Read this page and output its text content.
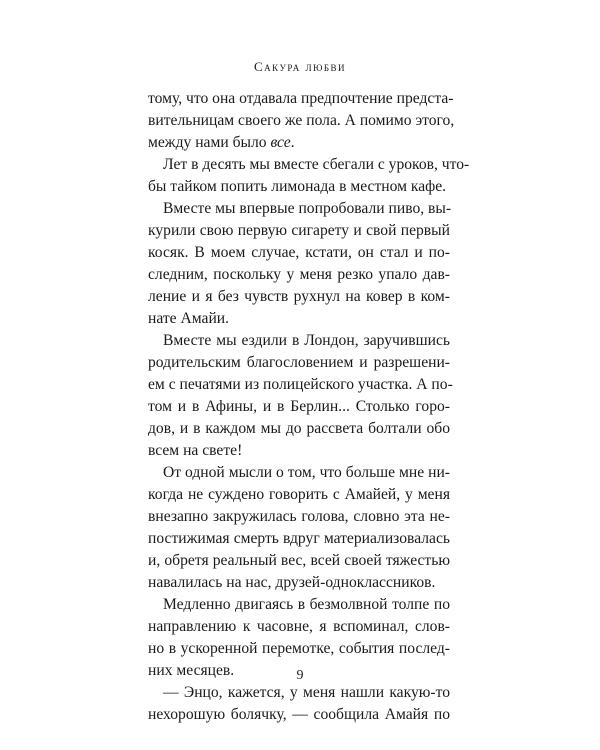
Сакура любви
тому, что она отдавала предпочтение предста-
вительницам своего же пола. А помимо этого,
между нами было все.
Лет в десять мы вместе сбегали с уроков, что-
бы тайком попить лимонада в местном кафе.
Вместе мы впервые попробовали пиво, вы-
курили свою первую сигарету и свой первый
косяк. В моем случае, кстати, он стал и по-
следним, поскольку у меня резко упало дав-
ление и я без чувств рухнул на ковер в ком-
нате Амайи.
Вместе мы ездили в Лондон, заручившись
родительским благословением и разрешени-
ем с печатями из полицейского участка. А по-
том и в Афины, и в Берлин... Столько горо-
дов, и в каждом мы до рассвета болтали обо
всем на свете!
От одной мысли о том, что больше мне ни-
когда не суждено говорить с Амайей, у меня
внезапно закружилась голова, словно эта не-
постижимая смерть вдруг материализовалась
и, обретя реальный вес, всей своей тяжестью
навалилась на нас, друзей-одноклассников.
Медленно двигаясь в безмолвной толпе по
направлению к часовне, я вспоминал, слов-
но в ускоренной перемотке, события послед-
них месяцев.
— Энцо, кажется, у меня нашли какую-то
нехорошую болячку, — сообщила Амайя по
9
